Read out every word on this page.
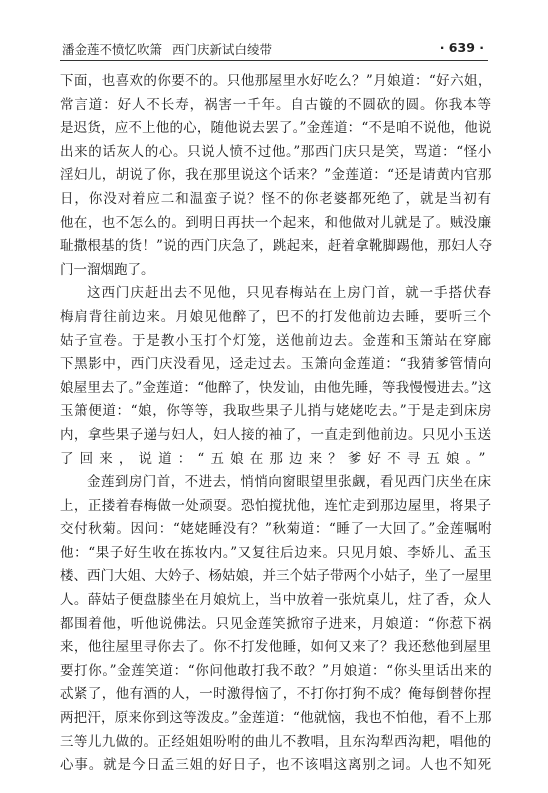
潘金莲不愤忆吹箫 西门庆新试白绫带	· 639 ·
下面，也喜欢的你要不的。只他那屋里水好吃么？”月娘道：“好六姐，
常言道：好人不长寿，祸害一千年。自古镟的不圆砍的圆。你我本等
是迟货，应不上他的心，随他说去罢了。”金莲道：“不是咱不说他，他说
出来的话灰人的心。只说人愤不过他。”那西门庆只是笑，骂道：“怪小
淫妇儿，胡说了你，我在那里说这个话来？”金莲道：“还是请黄内官那
日，你没对着应二和温蛮子说？怪不的你老婆都死绝了，就是当初有
他在，也不怎么的。到明日再扶一个起来，和他做对儿就是了。贼没廉
耻撒根基的货！”说的西门庆急了，跳起来，赶着拿靴脚踢他，那妇人夺
门一溜烟跑了。
这西门庆赶出去不见他，只见春梅站在上房门首，就一手搭伏春
梅肩背往前边来。月娘见他醉了，巴不的打发他前边去睡，要听三个
姑子宣卷。于是教小玉打个灯笼，送他前边去。金莲和玉箫站在穿廊
下黑影中，西门庆没看见，迳走过去。玉箫向金莲道：“我猜爹管情向
娘屋里去了。”金莲道：“他醉了，快发讪，由他先睡，等我慢慢进去。”这
玉箫便道：“娘，你等等，我取些果子儿捎与姥姥吃去。”于是走到床房
内，拿些果子递与妇人，妇人接的袖了，一直走到他前边。只见小玉送
了回来，说道：“五娘在那边来？爹好不寻五娘。”
金莲到房门首，不进去，悄悄向窗眼望里张觑，看见西门庆坐在床
上，正搂着春梅做一处顽耍。恐怕搅扰他，连忙走到那边屋里，将果子
交付秋菊。因问：“姥姥睡没有？”秋菊道：“睡了一大回了。”金莲嘱咐
他：“果子好生收在拣妆内。”又复往后边来。只见月娘、李娇儿、孟玉
楼、西门大姐、大妗子、杨姑娘，并三个姑子带两个小姑子，坐了一屋里
人。薛姑子便盘膝坐在月娘炕上，当中放着一张炕桌儿，炷了香，众人
都围着他，听他说佛法。只见金莲笑掀帘子进来，月娘道：“你惹下祸
来，他往屋里寻你去了。你不打发他睡，如何又来了？我还愁他到屋里
要打你。”金莲笑道：“你问他敢打我不敢？”月娘道：“你头里话出来的
忒紧了，他有酒的人，一时激得恼了，不打你打狗不成？俺每倒替你捏
两把汗，原来你到这等泼皮。”金莲道：“他就恼，我也不怕他，看不上那
三等儿九做的。正经姐姐吩咐的曲儿不教唱，且东沟犁西沟耙，唱他的
心事。就是今日孟三姐的好日子，也不该唱这离别之词。人也不知死
